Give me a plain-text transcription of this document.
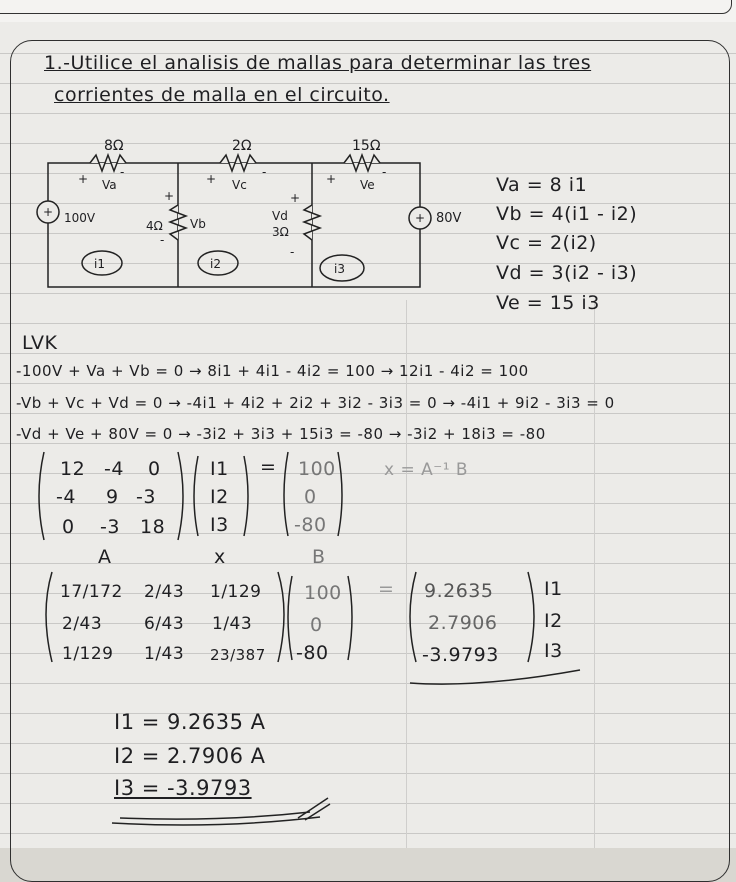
1.-Utilice el analisis de mallas para determinar las tres
corrientes de malla en el circuito.
8Ω	2Ω	15Ω
Va	Vc	Ve
Vb
Vd
4Ω	3Ω
100V	80V
+	+
+	-	+	-	+	-
+
-
+
-
i1	i2	i3
Va = 8 i1
Vb = 4(i1 - i2)
Vc = 2(i2)
Vd = 3(i2 - i3)
Ve = 15 i3
LVK
-100V + Va + Vb = 0 → 8i1 + 4i1 - 4i2 = 100 → 12i1 - 4i2 = 100
-Vb + Vc + Vd = 0 → -4i1 + 4i2 + 2i2 + 3i2 - 3i3 = 0 → -4i1 + 9i2 - 3i3 = 0
-Vd + Ve + 80V = 0 → -3i2 + 3i3 + 15i3 = -80 → -3i2 + 18i3 = -80
12 -4 0
-4 9 -3
0 -3 18
I1
I2
I3
= 100
0
-80
x = A⁻¹ B
A	x	B
17/172 2/43 1/129
2/43 6/43 1/43
1/129 1/43 23/387
100
0
-80
= 9.2635
2.7906
-3.9793
I1
I2
I3
I1 = 9.2635 A
I2 = 2.7906 A
I3 = -3.9793
